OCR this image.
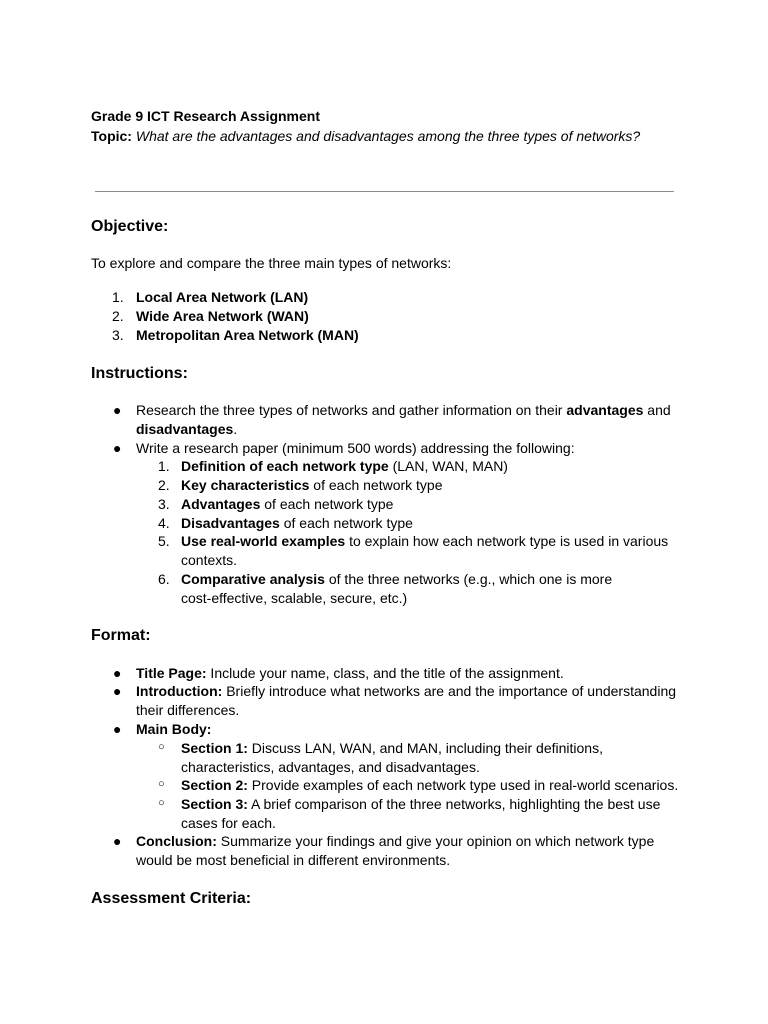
Grade 9 ICT Research Assignment
Topic: What are the advantages and disadvantages among the three types of networks?
Objective:
To explore and compare the three main types of networks:
1. Local Area Network (LAN)
2. Wide Area Network (WAN)
3. Metropolitan Area Network (MAN)
Instructions:
● Research the three types of networks and gather information on their advantages and
disadvantages.
● Write a research paper (minimum 500 words) addressing the following:
1. Definition of each network type (LAN, WAN, MAN)
2. Key characteristics of each network type
3. Advantages of each network type
4. Disadvantages of each network type
5. Use real-world examples to explain how each network type is used in various
contexts.
6. Comparative analysis of the three networks (e.g., which one is more
cost-effective, scalable, secure, etc.)
Format:
● Title Page: Include your name, class, and the title of the assignment.
● Introduction: Briefly introduce what networks are and the importance of understanding
their differences.
● Main Body:
○ Section 1: Discuss LAN, WAN, and MAN, including their definitions,
characteristics, advantages, and disadvantages.
○ Section 2: Provide examples of each network type used in real-world scenarios.
○ Section 3: A brief comparison of the three networks, highlighting the best use
cases for each.
● Conclusion: Summarize your findings and give your opinion on which network type
would be most beneficial in different environments.
Assessment Criteria:
